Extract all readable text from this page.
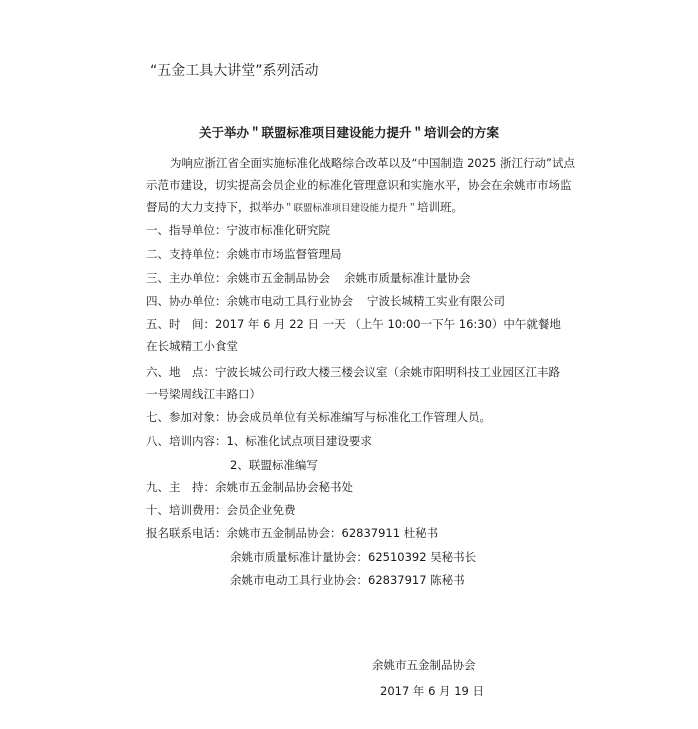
“五金工具大讲堂”系列活动
关于举办＂联盟标准项目建设能力提升＂培训会的方案
为响应浙江省全面实施标准化战略综合改革以及“中国制造 2025 浙江行动”试点示范市建设，切实提高会员企业的标准化管理意识和实施水平，协会在余姚市市场监督局的大力支持下，拟举办＂联盟标准项目建设能力提升＂培训班。
一、指导单位：宁波市标准化研究院
二、支持单位：余姚市市场监督管理局
三、主办单位：余姚市五金制品协会 余姚市质量标准计量协会
四、协办单位：余姚市电动工具行业协会 宁波长城精工实业有限公司
五、时　间：2017 年 6 月 22 日 一天 （上午 10:00一下午 16:30）中午就餐地在长城精工小食堂
六、地　点：宁波长城公司行政大楼三楼会议室（余姚市阳明科技工业园区江丰路一号梁周线江丰路口）
七、参加对象：协会成员单位有关标准编写与标准化工作管理人员。
八、培训内容：1、标准化试点项目建设要求
2、联盟标准编写
九、主　持：余姚市五金制品协会秘书处
十、培训费用：会员企业免费
报名联系电话：余姚市五金制品协会：62837911 杜秘书
余姚市质量标准计量协会：62510392 吴秘书长
余姚市电动工具行业协会：62837917 陈秘书
余姚市五金制品协会
2017 年 6 月 19 日
